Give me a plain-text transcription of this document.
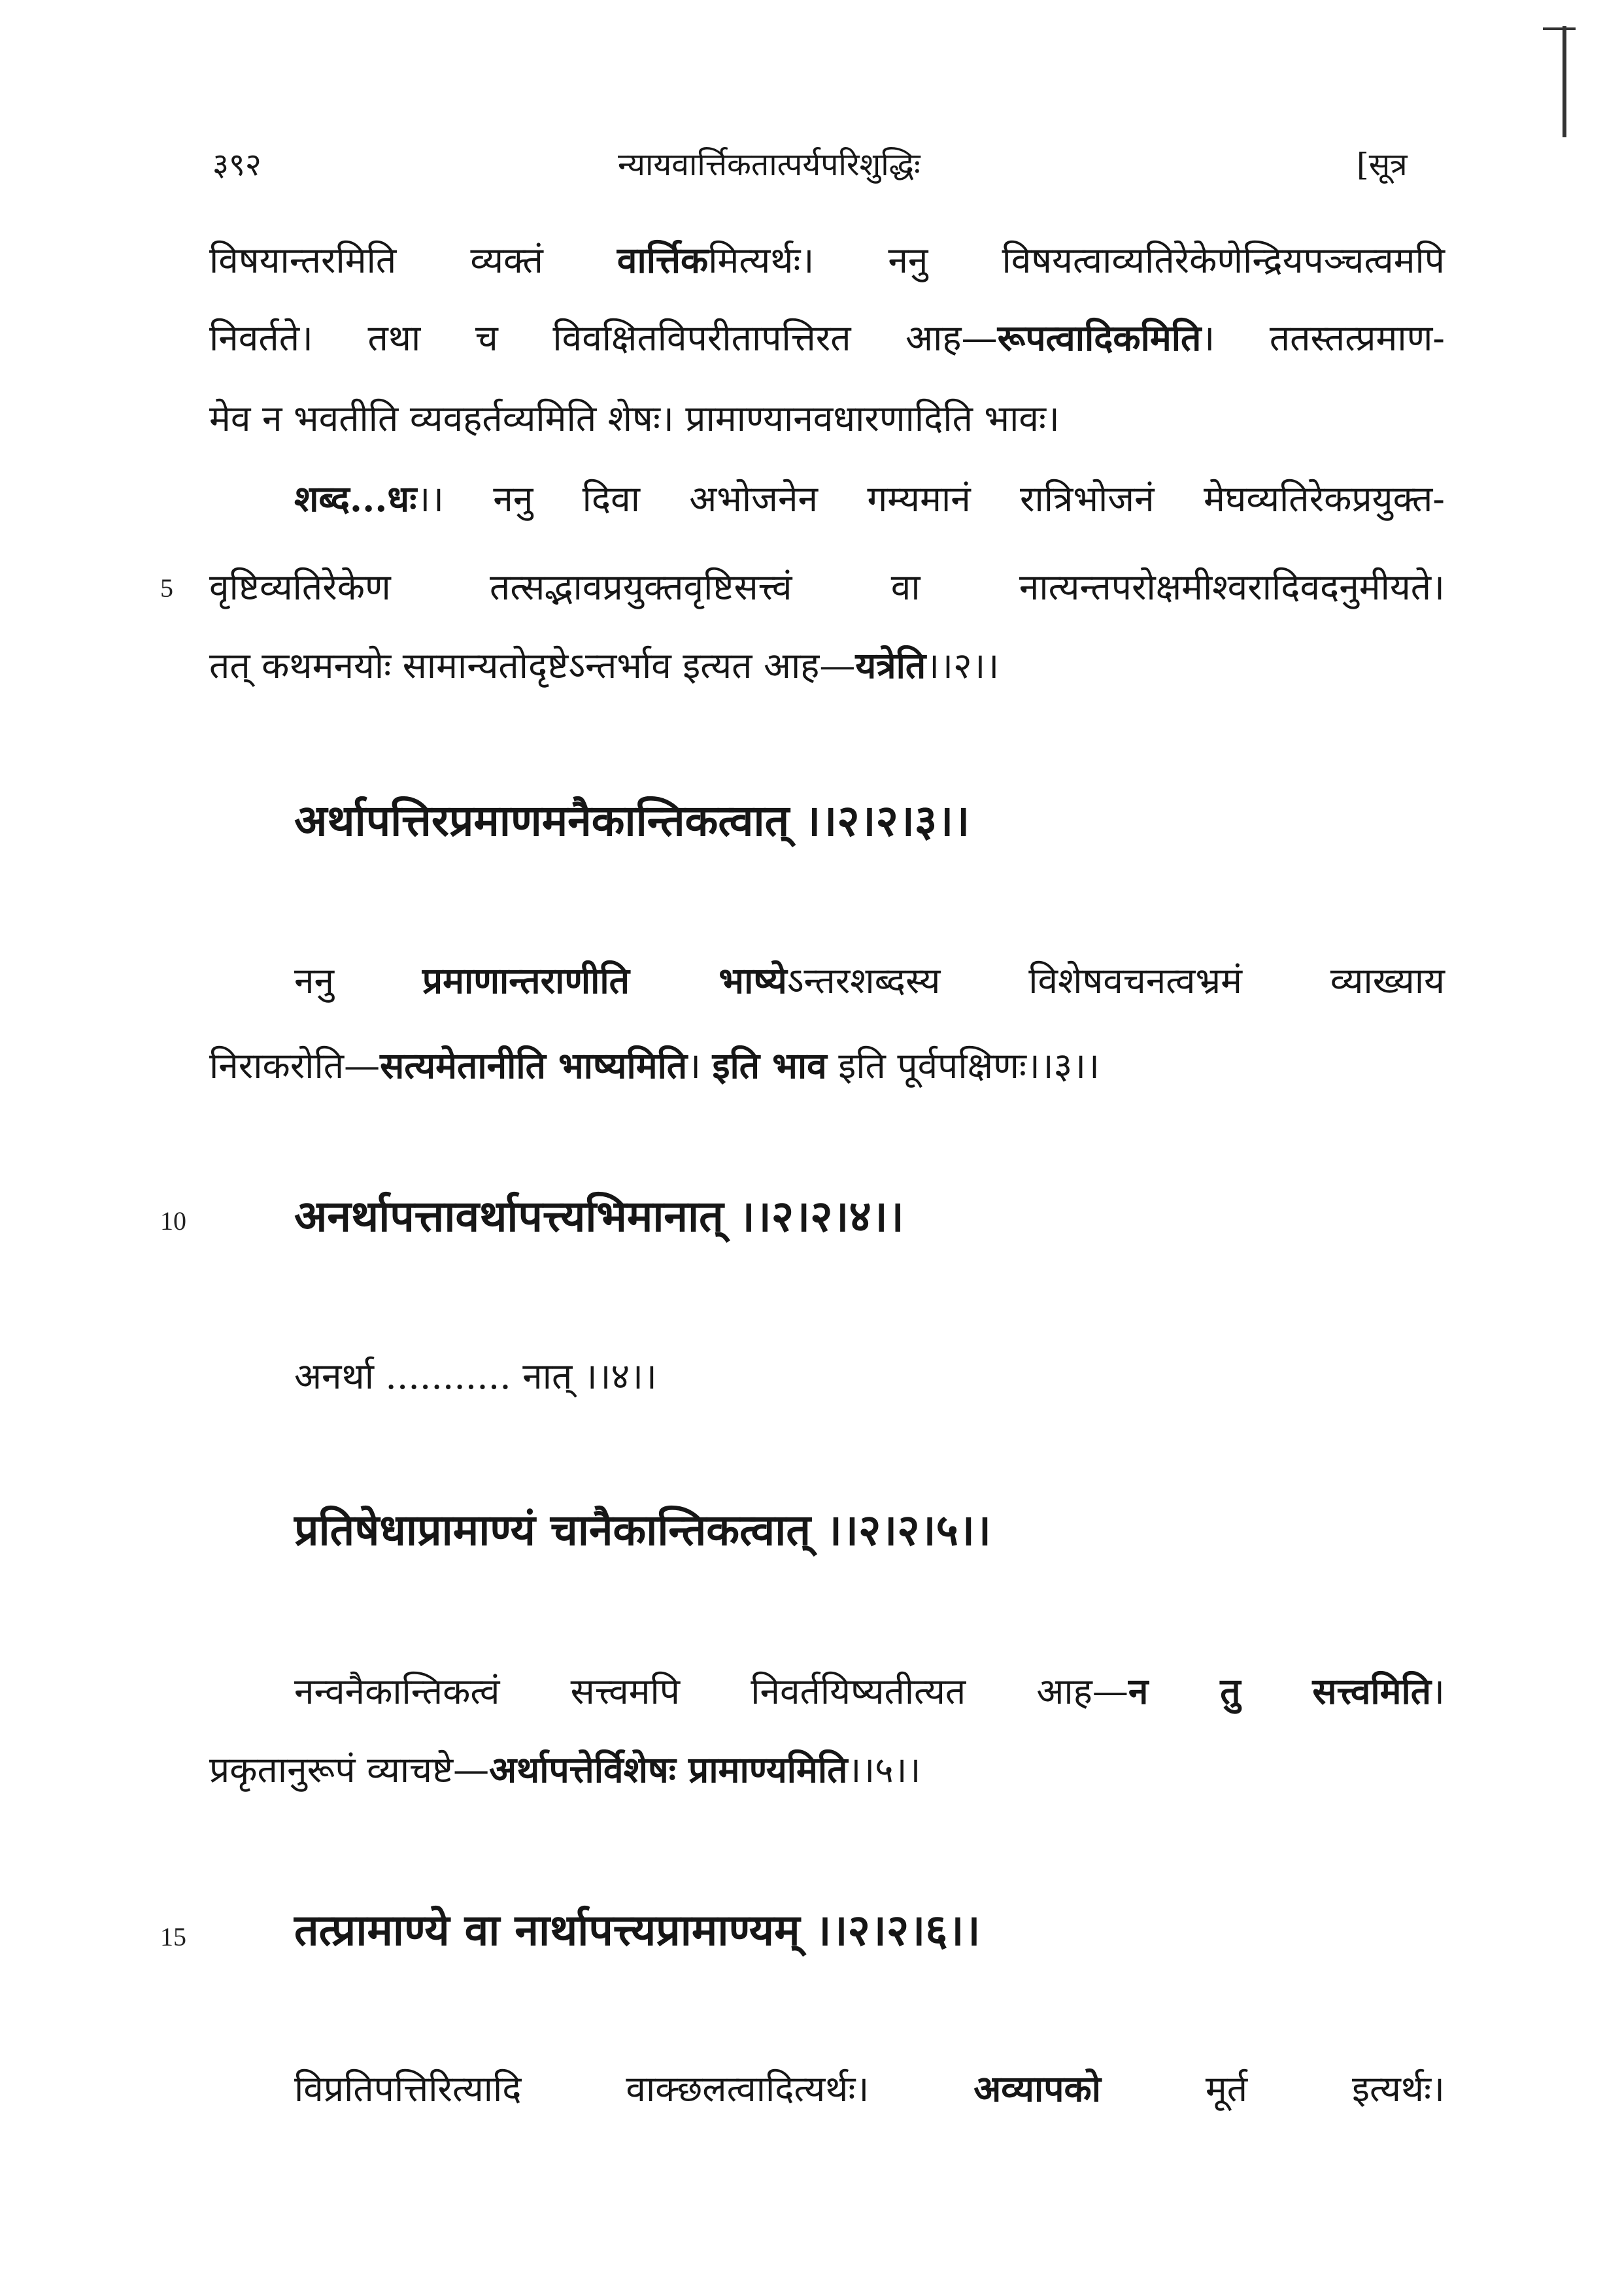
३९२	न्यायवार्त्तिकतात्पर्यपरिशुद्धिः	[सूत्र
विषयान्तरमिति व्यक्तं वार्त्तिकमित्यर्थः। ननु विषयत्वाव्यतिरेकेणेन्द्रियपञ्चत्वमपि
निवर्तते। तथा च विवक्षितविपरीतापत्तिरत आह—रूपत्वादिकमिति। ततस्तत्प्रमाण-
मेव न भवतीति व्यवहर्तव्यमिति शेषः। प्रामाण्यानवधारणादिति भावः।
शब्द...धः।। ननु दिवा अभोजनेन गम्यमानं रात्रिभोजनं मेघव्यतिरेकप्रयुक्त-
5 वृष्टिव्यतिरेकेण तत्सद्भावप्रयुक्तवृष्टिसत्त्वं वा नात्यन्तपरोक्षमीश्वरादिवदनुमीयते।
तत् कथमनयोः सामान्यतोदृष्टेऽन्तर्भाव इत्यत आह—यत्रेति।।२।।
अर्थापत्तिरप्रमाणमनैकान्तिकत्वात् ।।२।२।३।।
ननु प्रमाणान्तराणीति भाष्येऽन्तरशब्दस्य विशेषवचनत्वभ्रमं व्याख्याय
निराकरोति—सत्यमेतानीति भाष्यमिति। इति भाव इति पूर्वपक्षिणः।।३।।
10	अनर्थापत्तावर्थापत्त्यभिमानात् ।।२।२।४।।
अनर्था ........... नात् ।।४।।
प्रतिषेधाप्रामाण्यं चानैकान्तिकत्वात् ।।२।२।५।।
नन्वनैकान्तिकत्वं सत्त्वमपि निवर्तयिष्यतीत्यत आह—न तु सत्त्वमिति।
प्रकृतानुरूपं व्याचष्टे—अर्थापत्तेर्विशेषः प्रामाण्यमिति।।५।।
15	तत्प्रामाण्ये वा नार्थापत्त्यप्रामाण्यम् ।।२।२।६।।
विप्रतिपत्तिरित्यादि वाक्छलत्वादित्यर्थः। अव्यापको मूर्त इत्यर्थः।
